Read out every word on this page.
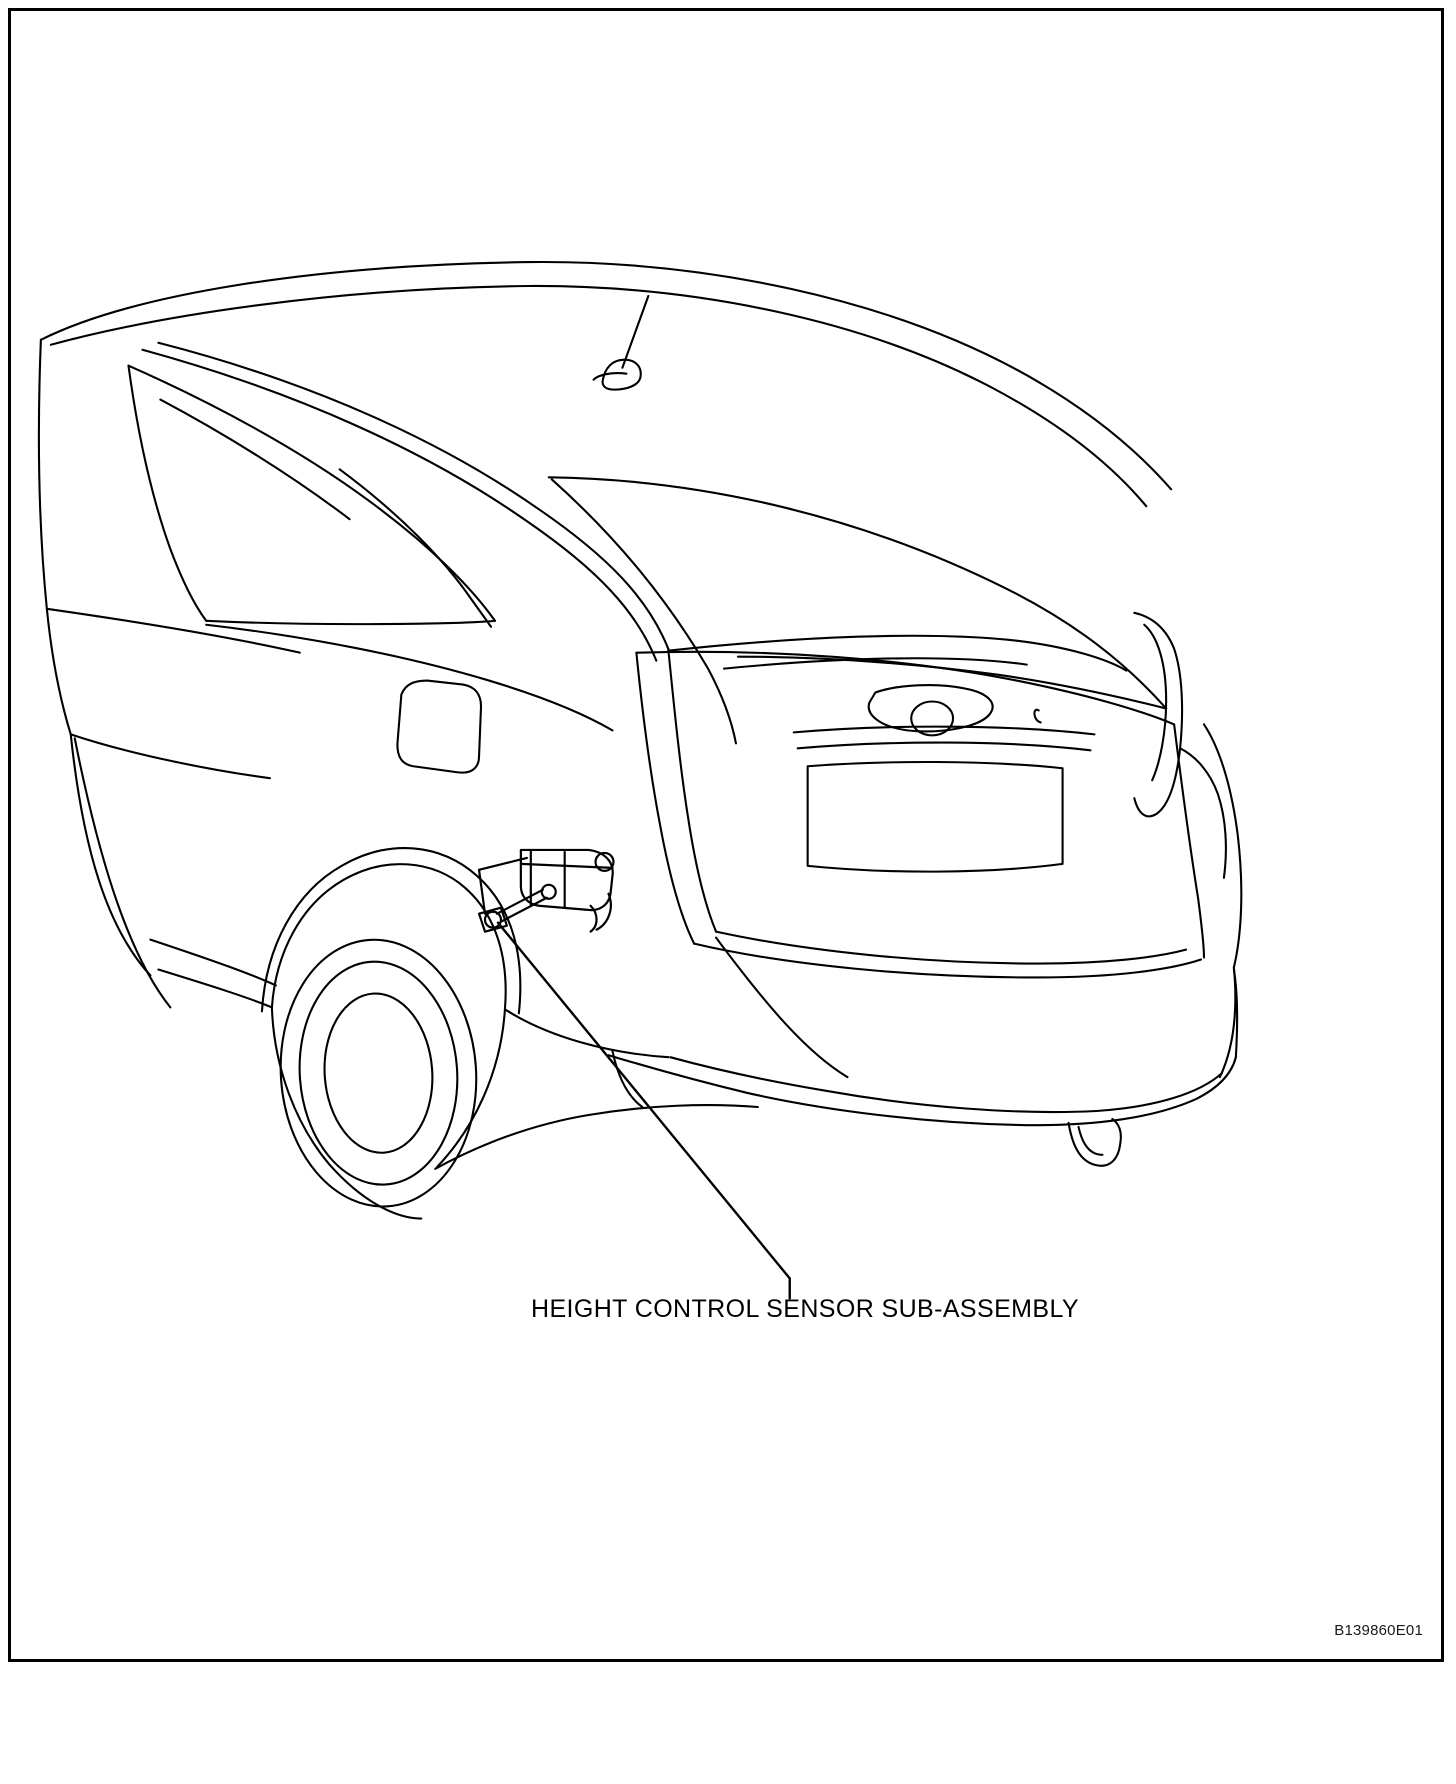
HEIGHT CONTROL SENSOR SUB-ASSEMBLY
B139860E01
